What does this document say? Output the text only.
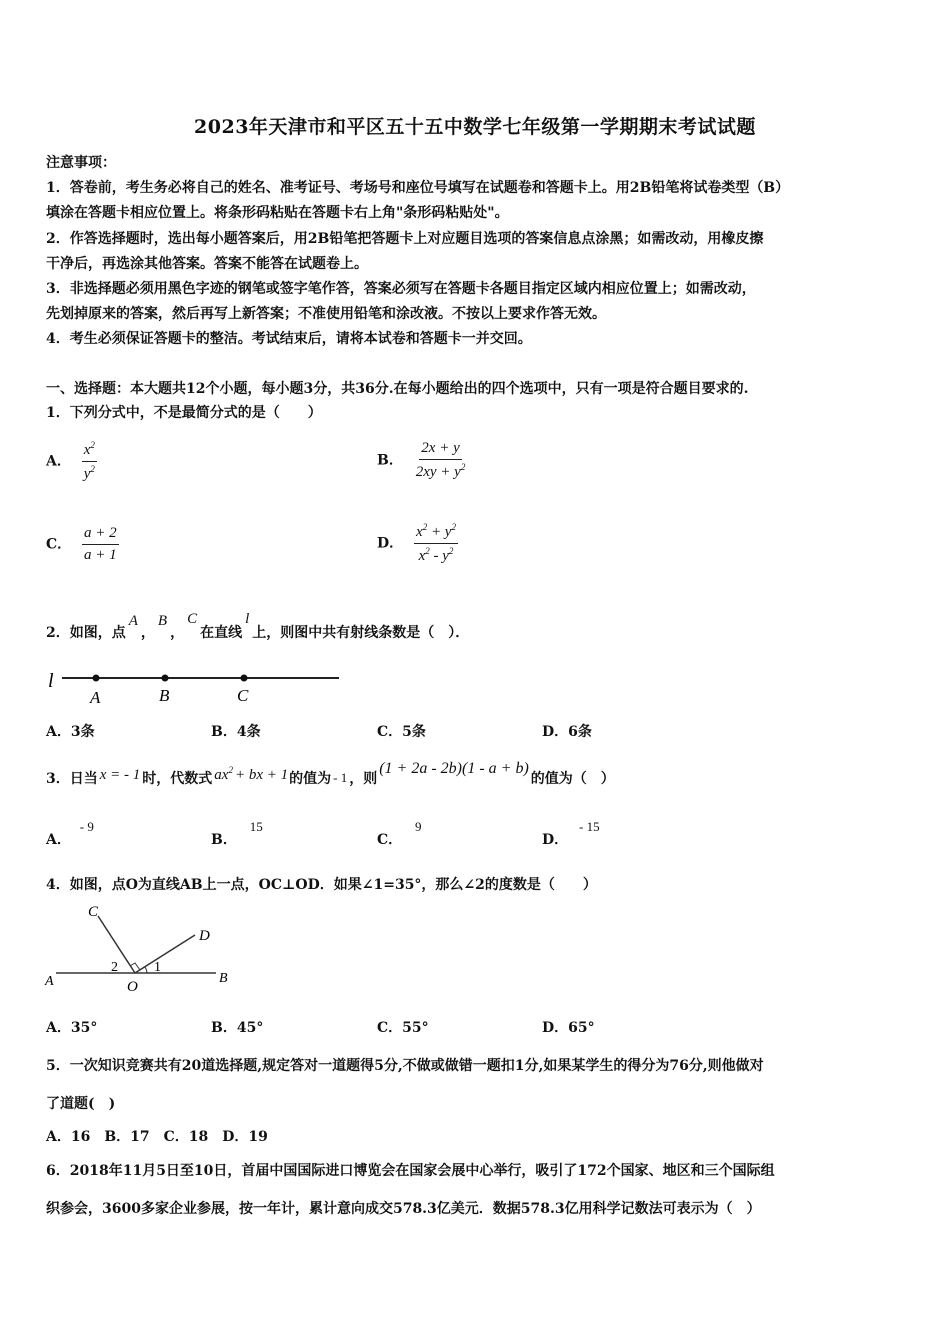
2023年天津市和平区五十五中数学七年级第一学期期末考试试题
注意事项：
1．答卷前，考生务必将自己的姓名、准考证号、考场号和座位号填写在试题卷和答题卡上。用2B铅笔将试卷类型（B）
填涂在答题卡相应位置上。将条形码粘贴在答题卡右上角"条形码粘贴处"。
2．作答选择题时，选出每小题答案后，用2B铅笔把答题卡上对应题目选项的答案信息点涂黑；如需改动，用橡皮擦
干净后，再选涂其他答案。答案不能答在试题卷上。
3．非选择题必须用黑色字迹的钢笔或签字笔作答，答案必须写在答题卡各题目指定区域内相应位置上；如需改动，
先划掉原来的答案，然后再写上新答案；不准使用铅笔和涂改液。不按以上要求作答无效。
4．考生必须保证答题卡的整洁。考试结束后，请将本试卷和答题卡一并交回。
一、选择题：本大题共12个小题，每小题3分，共36分.在每小题给出的四个选项中，只有一项是符合题目要求的.
1．下列分式中，不是最简分式的是（　　）
A． $\frac{x^2}{y^2}$	B． $\frac{2x + y}{2xy + y^2}$
C． $\frac{a + 2}{a + 1}$	D． $\frac{x^2 + y^2}{x^2 - y^2}$
2．如图，点
A
，
B
，
C
在直线
l
上，则图中共有射线条数是（　）．
l
A	B	C
A．3条	B．4条	C．5条	D．6条
3．日当 x = - 1 时，代数式 $ax^2$ + bx + 1 的值为 - 1 ，则
(1 + 2a - 2b)(1 - a + b)
的值为（　）
A． - 9
B． 15
C． 9
D． - 15
4．如图，点O为直线AB上一点，OC⊥OD．如果∠1=35°，那么∠2的度数是（　　）
C
D
A	B
O
1
2
A．35°	B．45°	C．55°	D．65°
5．一次知识竞赛共有20道选择题,规定答对一道题得5分,不做或做错一题扣1分,如果某学生的得分为76分,则他做对
了道题(　)
A．16　B．17　C．18　D．19
6．2018年11月5日至10日，首届中国国际进口博览会在国家会展中心举行，吸引了172个国家、地区和三个国际组
织参会，3600多家企业参展，按一年计，累计意向成交578.3亿美元．数据578.3亿用科学记数法可表示为（　）
